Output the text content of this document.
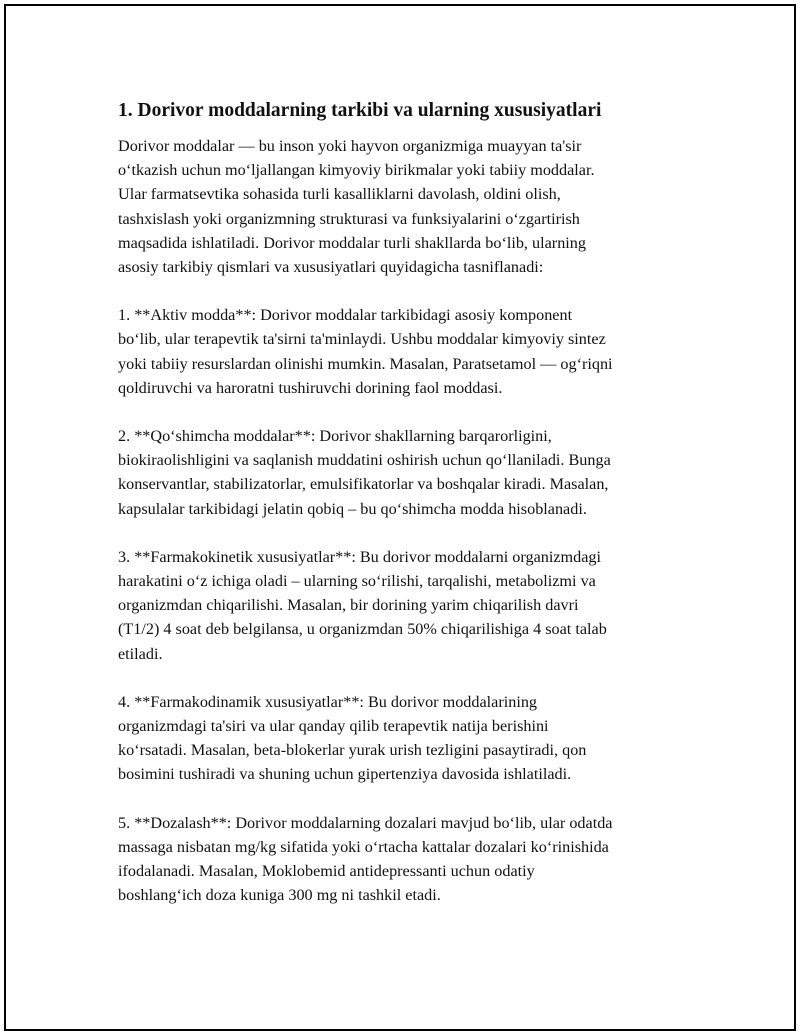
1. Dorivor moddalarning tarkibi va ularning xususiyatlari
Dorivor moddalar — bu inson yoki hayvon organizmiga muayyan ta'sir
o‘tkazish uchun mo‘ljallangan kimyoviy birikmalar yoki tabiiy moddalar.
Ular farmatsevtika sohasida turli kasalliklarni davolash, oldini olish,
tashxislash yoki organizmning strukturasi va funksiyalarini o‘zgartirish
maqsadida ishlatiladi. Dorivor moddalar turli shakllarda bo‘lib, ularning
asosiy tarkibiy qismlari va xususiyatlari quyidagicha tasniflanadi:
1. **Aktiv modda**: Dorivor moddalar tarkibidagi asosiy komponent
bo‘lib, ular terapevtik ta'sirni ta'minlaydi. Ushbu moddalar kimyoviy sintez
yoki tabiiy resurslardan olinishi mumkin. Masalan, Paratsetamol — og‘riqni
qoldiruvchi va haroratni tushiruvchi dorining faol moddasi.
2. **Qo‘shimcha moddalar**: Dorivor shakllarning barqarorligini,
biokiraolishligini va saqlanish muddatini oshirish uchun qo‘llaniladi. Bunga
konservantlar, stabilizatorlar, emulsifikatorlar va boshqalar kiradi. Masalan,
kapsulalar tarkibidagi jelatin qobiq – bu qo‘shimcha modda hisoblanadi.
3. **Farmakokinetik xususiyatlar**: Bu dorivor moddalarni organizmdagi
harakatini o‘z ichiga oladi – ularning so‘rilishi, tarqalishi, metabolizmi va
organizmdan chiqarilishi. Masalan, bir dorining yarim chiqarilish davri
(T1/2) 4 soat deb belgilansa, u organizmdan 50% chiqarilishiga 4 soat talab
etiladi.
4. **Farmakodinamik xususiyatlar**: Bu dorivor moddalarining
organizmdagi ta'siri va ular qanday qilib terapevtik natija berishini
ko‘rsatadi. Masalan, beta-blokerlar yurak urish tezligini pasaytiradi, qon
bosimini tushiradi va shuning uchun gipertenziya davosida ishlatiladi.
5. **Dozalash**: Dorivor moddalarning dozalari mavjud bo‘lib, ular odatda
massaga nisbatan mg/kg sifatida yoki o‘rtacha kattalar dozalari ko‘rinishida
ifodalanadi. Masalan, Moklobemid antidepressanti uchun odatiy
boshlang‘ich doza kuniga 300 mg ni tashkil etadi.
